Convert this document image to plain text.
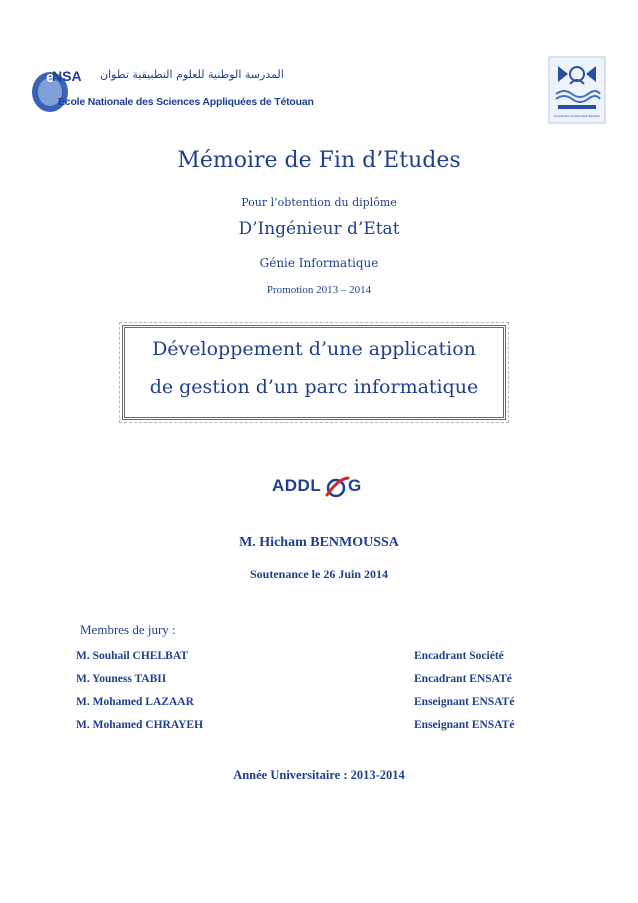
e
NSA المدرسة الوطنية للعلوم التطبيقية تطوان
Ecole Nationale des Sciences Appliquées de Tétouan
Université Abdelmalek Essaadi
Mémoire de Fin d’Etudes
Pour l’obtention du diplôme
D’Ingénieur d’Etat
Génie Informatique
Promotion 2013 – 2014
Développement d’une application
de gestion d’un parc informatique
ADDL G
M. Hicham BENMOUSSA
Soutenance le 26 Juin 2014
Membres de jury :
M. Souhail CHELBAT	Encadrant Société
M. Youness TABII	Encadrant ENSATé
M. Mohamed LAZAAR	Enseignant ENSATé
M. Mohamed CHRAYEH	Enseignant ENSATé
Année Universitaire : 2013-2014
